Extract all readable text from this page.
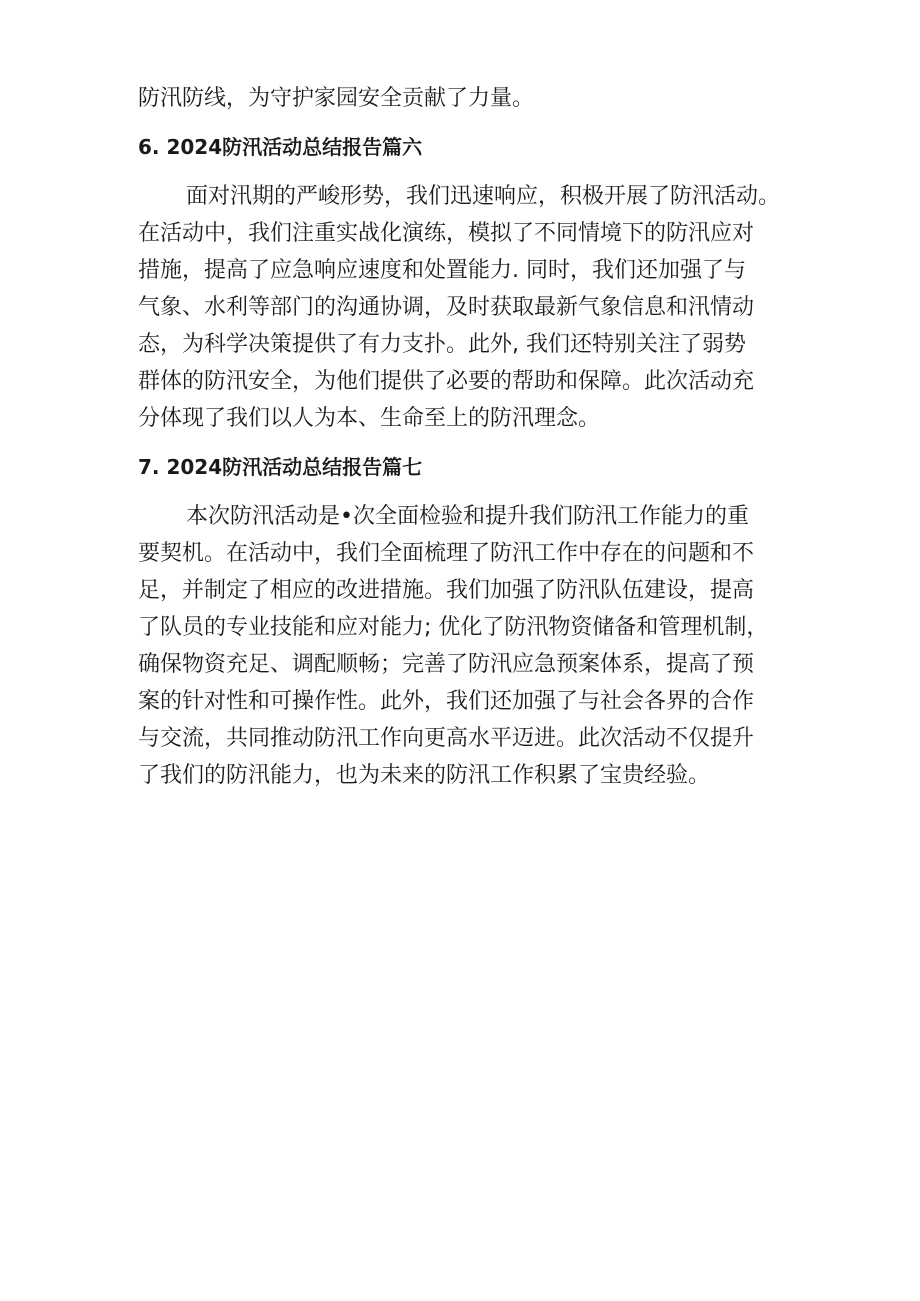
防汛防线，为守护家园安全贡献了力量。

6. 2024防汛活动总结报告篇六

面对汛期的严峻形势，我们迅速响应，积极开展了防汛活动。

在活动中，我们注重实战化演练，模拟了不同情境下的防汛应对

措施，提高了应急响应速度和处置能力. 同时，我们还加强了与

气象、水利等部门的沟通协调，及时获取最新气象信息和汛情动

态，为科学决策提供了有力支扑。此外, 我们还特别关注了弱势

群体的防汛安全，为他们提供了必要的帮助和保障。此次活动充

分体现了我们以人为本、生命至上的防汛理念。

7. 2024防汛活动总结报告篇七

本次防汛活动是•次全面检验和提升我们防汛工作能力的重

要契机。在活动中，我们全面梳理了防汛工作中存在的问题和不

足，并制定了相应的改进措施。我们加强了防汛队伍建设，提高

了队员的专业技能和应对能力; 优化了防汛物资储备和管理机制，

确保物资充足、调配顺畅；完善了防汛应急预案体系，提高了预

案的针对性和可操作性。此外，我们还加强了与社会各界的合作

与交流，共同推动防汛工作向更高水平迈进。此次活动不仅提升

了我们的防汛能力，也为未来的防汛工作积累了宝贵经验。
